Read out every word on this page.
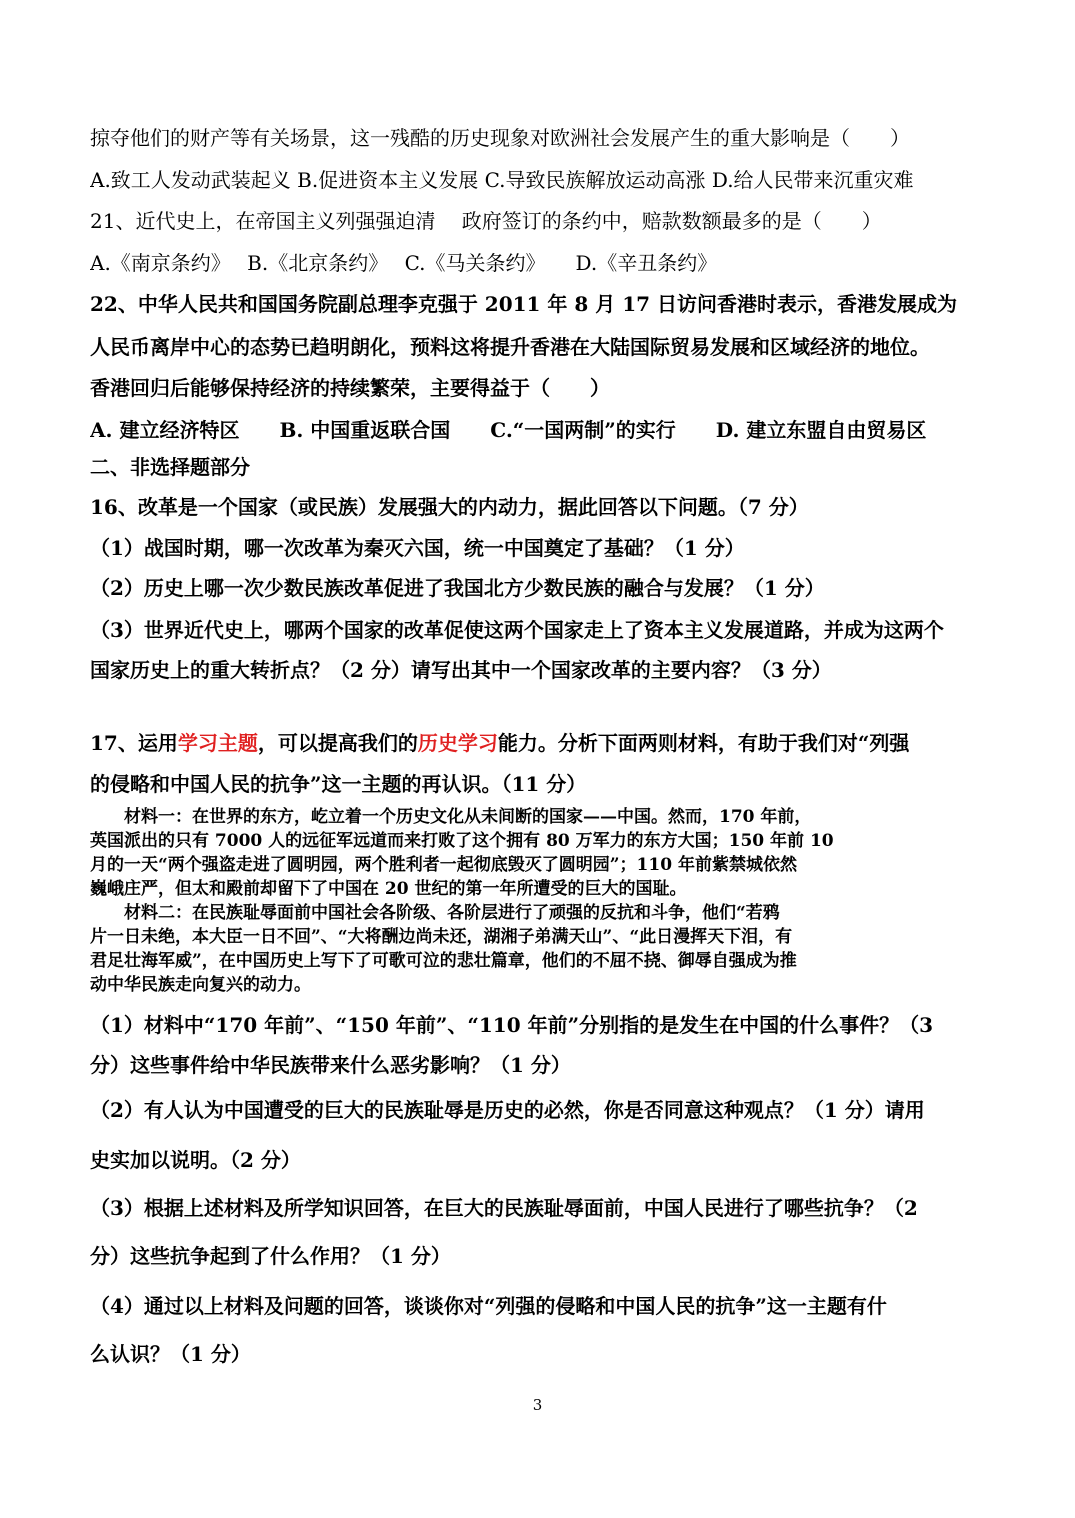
掠夺他们的财产等有关场景，这一残酷的历史现象对欧洲社会发展产生的重大影响是（　　）
A.致工人发动武装起义 B.促进资本主义发展 C.导致民族解放运动高涨 D.给人民带来沉重灾难
21、近代史上，在帝国主义列强强迫清　 政府签订的条约中，赔款数额最多的是（　　）
A.《南京条约》　 B.《北京条约》　 C.《马关条约》　　D.《辛丑条约》
22、中华人民共和国国务院副总理李克强于 2011 年 8 月 17 日访问香港时表示，香港发展成为
人民币离岸中心的态势已趋明朗化，预料这将提升香港在大陆国际贸易发展和区域经济的地位。
香港回归后能够保持经济的持续繁荣，主要得益于（　　）
A. 建立经济特区　　B. 中国重返联合国　　C.“一国两制”的实行　　D. 建立东盟自由贸易区
二、非选择题部分
16、改革是一个国家（或民族）发展强大的内动力，据此回答以下问题。（7 分）
（1）战国时期，哪一次改革为秦灭六国，统一中国奠定了基础？（1 分）
（2）历史上哪一次少数民族改革促进了我国北方少数民族的融合与发展？（1 分）
（3）世界近代史上，哪两个国家的改革促使这两个国家走上了资本主义发展道路，并成为这两个
国家历史上的重大转折点？（2 分）请写出其中一个国家改革的主要内容？（3 分）
17、运用学习主题，可以提高我们的历史学习能力。分析下面两则材料，有助于我们对“列强
的侵略和中国人民的抗争”这一主题的再认识。（11 分）
　　材料一：在世界的东方，屹立着一个历史文化从未间断的国家——中国。然而，170 年前，
英国派出的只有 7000 人的远征军远道而来打败了这个拥有 80 万军力的东方大国；150 年前 10
月的一天“两个强盗走进了圆明园，两个胜利者一起彻底毁灭了圆明园”；110 年前紫禁城依然
巍峨庄严，但太和殿前却留下了中国在 20 世纪的第一年所遭受的巨大的国耻。
　　材料二：在民族耻辱面前中国社会各阶级、各阶层进行了顽强的反抗和斗争，他们“若鸦
片一日未绝，本大臣一日不回”、“大将酬边尚未还，湖湘子弟满天山”、“此日漫挥天下泪，有
君足壮海军威”，在中国历史上写下了可歌可泣的悲壮篇章，他们的不屈不挠、御辱自强成为推
动中华民族走向复兴的动力。
（1）材料中“170 年前”、“150 年前”、“110 年前”分别指的是发生在中国的什么事件？（3
分）这些事件给中华民族带来什么恶劣影响？（1 分）
（2）有人认为中国遭受的巨大的民族耻辱是历史的必然，你是否同意这种观点？（1 分）请用
史实加以说明。（2 分）
（3）根据上述材料及所学知识回答，在巨大的民族耻辱面前，中国人民进行了哪些抗争？（2
分）这些抗争起到了什么作用？（1 分）
（4）通过以上材料及问题的回答，谈谈你对“列强的侵略和中国人民的抗争”这一主题有什
么认识？（1 分）
3
